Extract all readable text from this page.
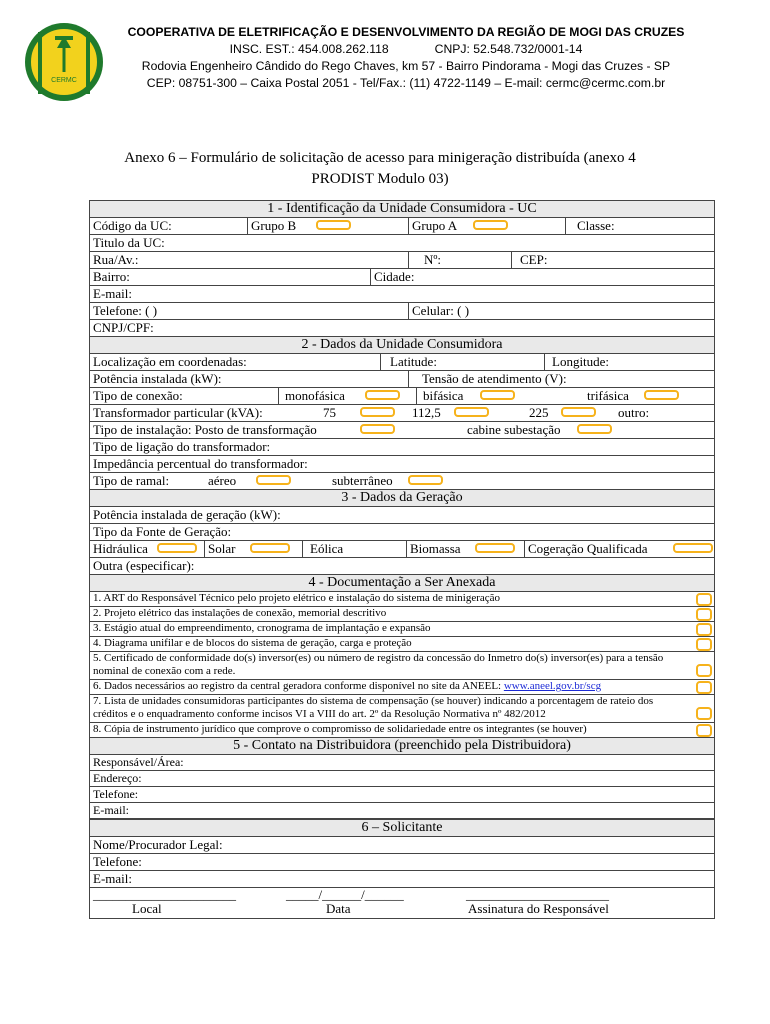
CERMC
COOPERATIVA DE ELETRIFICAÇÃO E DESENVOLVIMENTO DA REGIÃO DE MOGI DAS CRUZES
INSC. EST.: 454.008.262.118	CNPJ: 52.548.732/0001-14
Rodovia Engenheiro Cândido do Rego Chaves, km 57 - Bairro Pindorama - Mogi das Cruzes - SP
CEP: 08751-300 – Caixa Postal 2051 - Tel/Fax.: (11) 4722-1149 – E-mail: cermc@cermc.com.br
Anexo 6 – Formulário de solicitação de acesso para minigeração distribuída (anexo 4 PRODIST Modulo 03)
1 - Identificação da Unidade Consumidora - UC
Código da UC:	Grupo B	Grupo A	Classe:
Titulo da UC:
Rua/Av.:	Nº:	CEP:
Bairro:	Cidade:
E-mail:
Telefone: ( )	Celular: ( )
CNPJ/CPF:
2 - Dados da Unidade Consumidora
Localização em coordenadas:	Latitude:	Longitude:
Potência instalada (kW):	Tensão de atendimento (V):
Tipo de conexão:	monofásica	bifásica	trifásica
Transformador particular (kVA):	75	112,5	225	outro:
Tipo de instalação: Posto de transformação	cabine subestação
Tipo de ligação do transformador:
Impedância percentual do transformador:
Tipo de ramal:	aéreo	subterrâneo
3 - Dados da Geração
Potência instalada de geração (kW):
Tipo da Fonte de Geração:
Hidráulica	Solar	Eólica	Biomassa	Cogeração Qualificada
Outra (especificar):
4 - Documentação a Ser Anexada
1. ART do Responsável Técnico pelo projeto elétrico e instalação do sistema de minigeração
2. Projeto elétrico das instalações de conexão, memorial descritivo
3. Estágio atual do empreendimento, cronograma de implantação e expansão
4. Diagrama unifilar e de blocos do sistema de geração, carga e proteção
5. Certificado de conformidade do(s) inversor(es) ou número de registro da concessão do Inmetro do(s) inversor(es) para a tensão nominal de conexão com a rede.
6. Dados necessários ao registro da central geradora conforme disponível no site da ANEEL: www.aneel.gov.br/scg
7. Lista de unidades consumidoras participantes do sistema de compensação (se houver) indicando a porcentagem de rateio dos créditos e o enquadramento conforme incisos VI a VIII do art. 2º da Resolução Normativa nº 482/2012
8. Cópia de instrumento jurídico que comprove o compromisso de solidariedade entre os integrantes (se houver)
5 - Contato na Distribuidora (preenchido pela Distribuidora)
Responsável/Área:
Endereço:
Telefone:
E-mail:
6 – Solicitante
Nome/Procurador Legal:
Telefone:
E-mail:
______________________	_____/______/______	______________________
Local	Data	Assinatura do Responsável
